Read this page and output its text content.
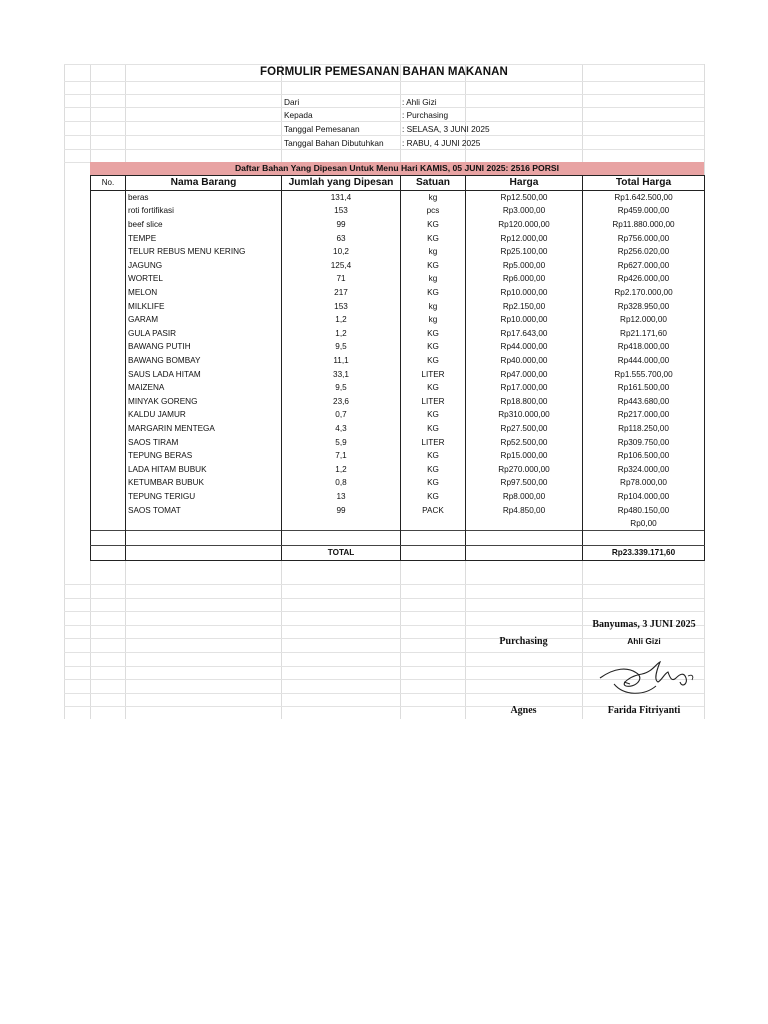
FORMULIR PEMESANAN BAHAN MAKANAN
Dari	: Ahli Gizi
Kepada	: Purchasing
Tanggal Pemesanan	: SELASA, 3 JUNI 2025
Tanggal Bahan Dibutuhkan : RABU, 4 JUNI 2025
Daftar Bahan Yang Dipesan Untuk Menu Hari KAMIS, 05 JUNI 2025: 2516 PORSI
No.	Nama Barang	Jumlah yang Dipesan	Satuan	Harga	Total Harga
	beras	131,4	kg	Rp12.500,00	Rp1.642.500,00
	roti fortifikasi	153	pcs	Rp3.000,00	Rp459.000,00
	beef slice	99	KG	Rp120.000,00	Rp11.880.000,00
	TEMPE	63	KG	Rp12.000,00	Rp756.000,00
	TELUR REBUS MENU KERING	10,2	kg	Rp25.100,00	Rp256.020,00
	JAGUNG	125,4	KG	Rp5.000,00	Rp627.000,00
	WORTEL	71	kg	Rp6.000,00	Rp426.000,00
	MELON	217	KG	Rp10.000,00	Rp2.170.000,00
	MILKLIFE	153	kg	Rp2.150,00	Rp328.950,00
	GARAM	1,2	kg	Rp10.000,00	Rp12.000,00
	GULA PASIR	1,2	KG	Rp17.643,00	Rp21.171,60
	BAWANG PUTIH	9,5	KG	Rp44.000,00	Rp418.000,00
	BAWANG BOMBAY	11,1	KG	Rp40.000,00	Rp444.000,00
	SAUS LADA HITAM	33,1	LITER	Rp47.000,00	Rp1.555.700,00
	MAIZENA	9,5	KG	Rp17.000,00	Rp161.500,00
	MINYAK GORENG	23,6	LITER	Rp18.800,00	Rp443.680,00
	KALDU JAMUR	0,7	KG	Rp310.000,00	Rp217.000,00
	MARGARIN MENTEGA	4,3	KG	Rp27.500,00	Rp118.250,00
	SAOS TIRAM	5,9	LITER	Rp52.500,00	Rp309.750,00
	TEPUNG BERAS	7,1	KG	Rp15.000,00	Rp106.500,00
	LADA HITAM BUBUK	1,2	KG	Rp270.000,00	Rp324.000,00
	KETUMBAR BUBUK	0,8	KG	Rp97.500,00	Rp78.000,00
	TEPUNG TERIGU	13	KG	Rp8.000,00	Rp104.000,00
	SAOS TOMAT	99	PACK	Rp4.850,00	Rp480.150,00
					Rp0,00

		TOTAL			Rp23.339.171,60
Banyumas, 3 JUNI 2025
Purchasing	Ahli Gizi
Agnes	Farida Fitriyanti
